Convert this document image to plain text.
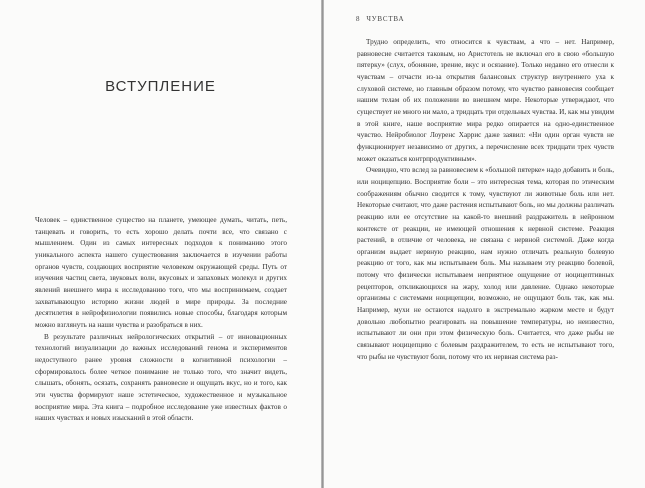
ВСТУПЛЕНИЕ

Человек – единственное существо на планете, умеющее думать, читать, петь, танцевать и говорить, то есть хорошо делать почти все, что связано с мышлением. Один из самых интересных подходов к пониманию этого уникального аспекта нашего существования заключается в изучении работы органов чувств, создающих восприятие человеком окружающей среды. Путь от изучения частиц света, звуковых волн, вкусовых и запаховых молекул и других явлений внешнего мира к исследованию того, что мы воспринимаем, создает захватывающую историю жизни людей в мире природы. За последние десятилетия в нейрофизиологии появились новые способы, благодаря которым можно взглянуть на наши чувства и разобраться в них.

В результате различных нейрологических открытий – от инновационных технологий визуализации до важных исследований генома и экспериментов недоступного ранее уровня сложности в когнитивной психологии – сформировалось более четкое понимание не только того, что значит видеть, слышать, обонять, осязать, сохранять равновесие и ощущать вкус, но и того, как эти чувства формируют наше эстетическое, художественное и музыкальное восприятие мира. Эта книга – подробное исследование уже известных фактов о наших чувствах и новых изысканий в этой области.

8 ЧУВСТВА

Трудно определить, что относится к чувствам, а что – нет. Например, равновесие считается таковым, но Аристотель не включал его в свою «большую пятерку» (слух, обоняние, зрение, вкус и осязание). Только недавно его отнесли к чувствам – отчасти из-за открытия балансовых структур внутреннего уха к слуховой системе, но главным образом потому, что чувство равновесия сообщает нашим телам об их положении во внешнем мире. Некоторые утверждают, что существует не много ни мало, а тридцать три отдельных чувства. И, как мы увидим в этой книге, наше восприятие мира редко опирается на одно-единственное чувство. Нейробиолог Лоуренс Харрис даже заявил: «Ни один орган чувств не функционирует независимо от других, а перечисление всех тридцати трех чувств может оказаться контрпродуктивным».

Очевидно, что вслед за равновесием к «большой пятерке» надо добавить и боль, или ноцицепцию. Восприятие боли – это интересная тема, которая по этическим соображениям обычно сводится к тому, чувствуют ли животные боль или нет. Некоторые считают, что даже растения испытывают боль, но мы должны различать реакцию или ее отсутствие на какой-то внешний раздражитель в нейронном контексте от реакции, не имеющей отношения к нервной системе. Реакция растений, в отличие от человека, не связана с нервной системой. Даже когда организм выдает нервную реакцию, нам нужно отличать реальную болевую реакцию от того, как мы испытываем боль. Мы называем эту реакцию болевой, потому что физически испытываем неприятное ощущение от ноцицептивных рецепторов, откликающихся на жару, холод или давление. Однако некоторые организмы с системами ноцицепции, возможно, не ощущают боль так, как мы. Например, мухи не остаются надолго в экстремально жарком месте и будут довольно любопытно реагировать на повышение температуры, но неизвестно, испытывают ли они при этом физическую боль. Считается, что даже рыбы не связывают ноцицепцию с болевым раздражителем, то есть не испытывают того, что рыбы не чувствуют боли, потому что их нервная система раз-
